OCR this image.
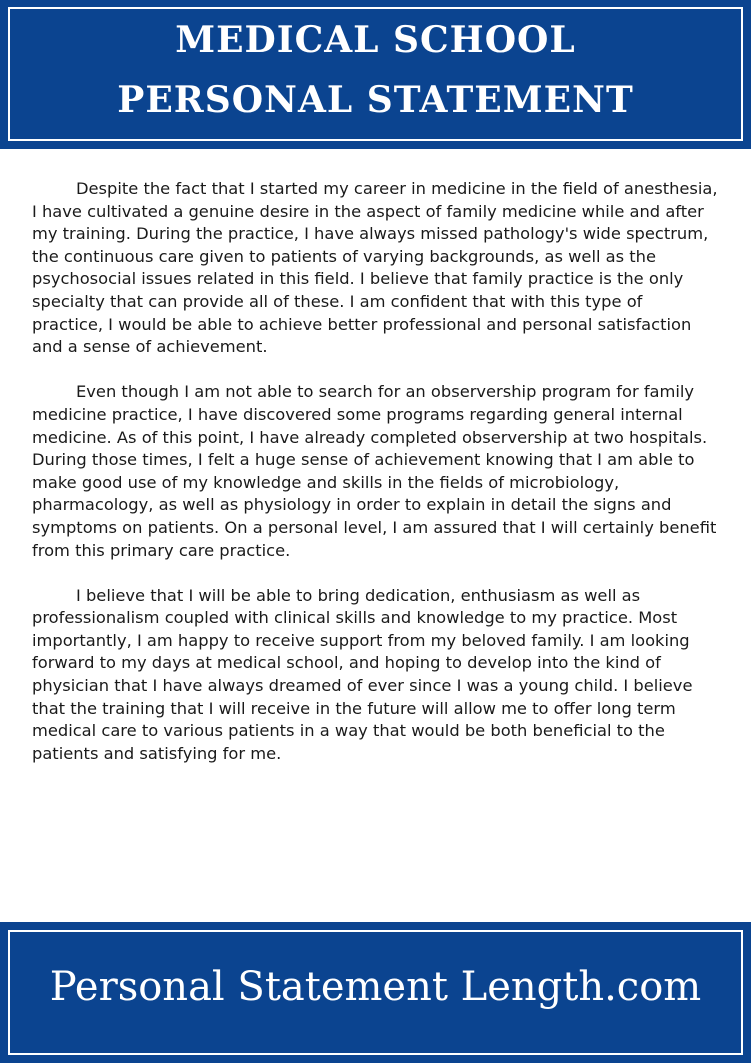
MEDICAL SCHOOL
PERSONAL STATEMENT

Despite the fact that I started my career in medicine in the field of anesthesia, I have cultivated a genuine desire in the aspect of family medicine while and after my training. During the practice, I have always missed pathology's wide spectrum, the continuous care given to patients of varying backgrounds, as well as the psychosocial issues related in this field. I believe that family practice is the only specialty that can provide all of these. I am confident that with this type of practice, I would be able to achieve better professional and personal satisfaction and a sense of achievement.

Even though I am not able to search for an observership program for family medicine practice, I have discovered some programs regarding general internal medicine. As of this point, I have already completed observership at two hospitals. During those times, I felt a huge sense of achievement knowing that I am able to make good use of my knowledge and skills in the fields of microbiology, pharmacology, as well as physiology in order to explain in detail the signs and symptoms on patients. On a personal level, I am assured that I will certainly benefit from this primary care practice.

I believe that I will be able to bring dedication, enthusiasm as well as professionalism coupled with clinical skills and knowledge to my practice. Most importantly, I am happy to receive support from my beloved family. I am looking forward to my days at medical school, and hoping to develop into the kind of physician that I have always dreamed of ever since I was a young child. I believe that the training that I will receive in the future will allow me to offer long term medical care to various patients in a way that would be both beneficial to the patients and satisfying for me.

Personal Statement Length.com
